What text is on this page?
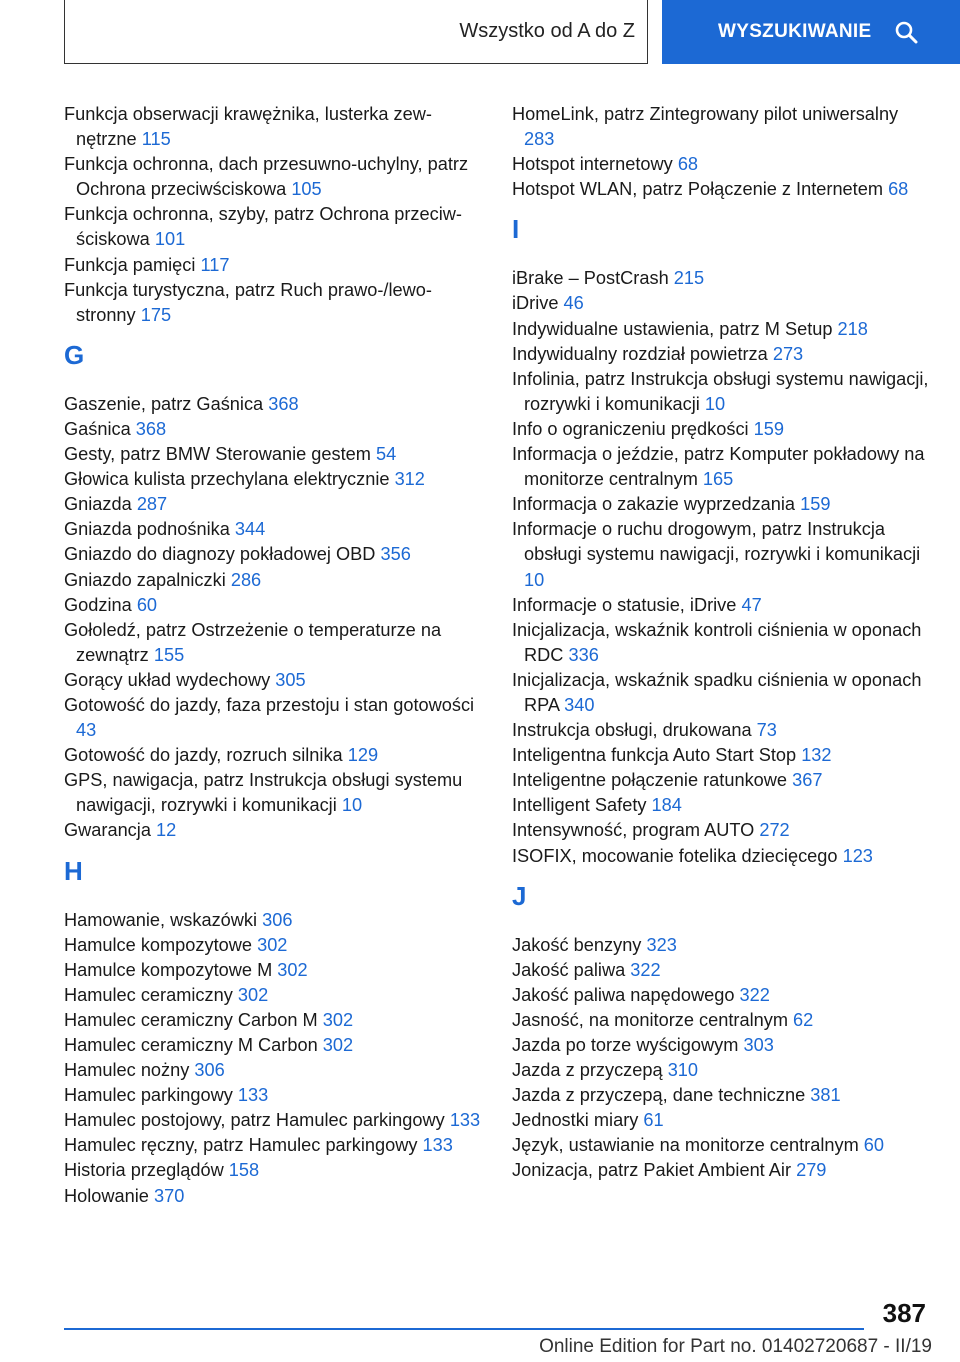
Wszystko od A do Z	WYSZUKIWANIE
Funkcja obserwacji krawężnika, lusterka zewnętrzne 115
Funkcja ochronna, dach przesuwno-uchylny, patrz Ochrona przeciwściskowa 105
Funkcja ochronna, szyby, patrz Ochrona przeciwściskowa 101
Funkcja pamięci 117
Funkcja turystyczna, patrz Ruch prawo-/lewostronny 175
G
Gaszenie, patrz Gaśnica 368
Gaśnica 368
Gesty, patrz BMW Sterowanie gestem 54
Głowica kulista przechylana elektrycznie 312
Gniazda 287
Gniazda podnośnika 344
Gniazdo do diagnozy pokładowej OBD 356
Gniazdo zapalniczki 286
Godzina 60
Gołoledź, patrz Ostrzeżenie o temperaturze na zewnątrz 155
Gorący układ wydechowy 305
Gotowość do jazdy, faza przestoju i stan gotowości 43
Gotowość do jazdy, rozruch silnika 129
GPS, nawigacja, patrz Instrukcja obsługi systemu nawigacji, rozrywki i komunikacji 10
Gwarancja 12
H
Hamowanie, wskazówki 306
Hamulce kompozytowe 302
Hamulce kompozytowe M 302
Hamulec ceramiczny 302
Hamulec ceramiczny Carbon M 302
Hamulec ceramiczny M Carbon 302
Hamulec nożny 306
Hamulec parkingowy 133
Hamulec postojowy, patrz Hamulec parkingowy 133
Hamulec ręczny, patrz Hamulec parkingowy 133
Historia przeglądów 158
Holowanie 370
HomeLink, patrz Zintegrowany pilot uniwersalny 283
Hotspot internetowy 68
Hotspot WLAN, patrz Połączenie z Internetem 68
I
iBrake – PostCrash 215
iDrive 46
Indywidualne ustawienia, patrz M Setup 218
Indywidualny rozdział powietrza 273
Infolinia, patrz Instrukcja obsługi systemu nawigacji, rozrywki i komunikacji 10
Info o ograniczeniu prędkości 159
Informacja o jeździe, patrz Komputer pokładowy na monitorze centralnym 165
Informacja o zakazie wyprzedzania 159
Informacje o ruchu drogowym, patrz Instrukcja obsługi systemu nawigacji, rozrywki i komunikacji 10
Informacje o statusie, iDrive 47
Inicjalizacja, wskaźnik kontroli ciśnienia w oponach RDC 336
Inicjalizacja, wskaźnik spadku ciśnienia w oponach RPA 340
Instrukcja obsługi, drukowana 73
Inteligentna funkcja Auto Start Stop 132
Inteligentne połączenie ratunkowe 367
Intelligent Safety 184
Intensywność, program AUTO 272
ISOFIX, mocowanie fotelika dziecięcego 123
J
Jakość benzyny 323
Jakość paliwa 322
Jakość paliwa napędowego 322
Jasność, na monitorze centralnym 62
Jazda po torze wyścigowym 303
Jazda z przyczepą 310
Jazda z przyczepą, dane techniczne 381
Jednostki miary 61
Język, ustawianie na monitorze centralnym 60
Jonizacja, patrz Pakiet Ambient Air 279
387
Online Edition for Part no. 01402720687 - II/19
